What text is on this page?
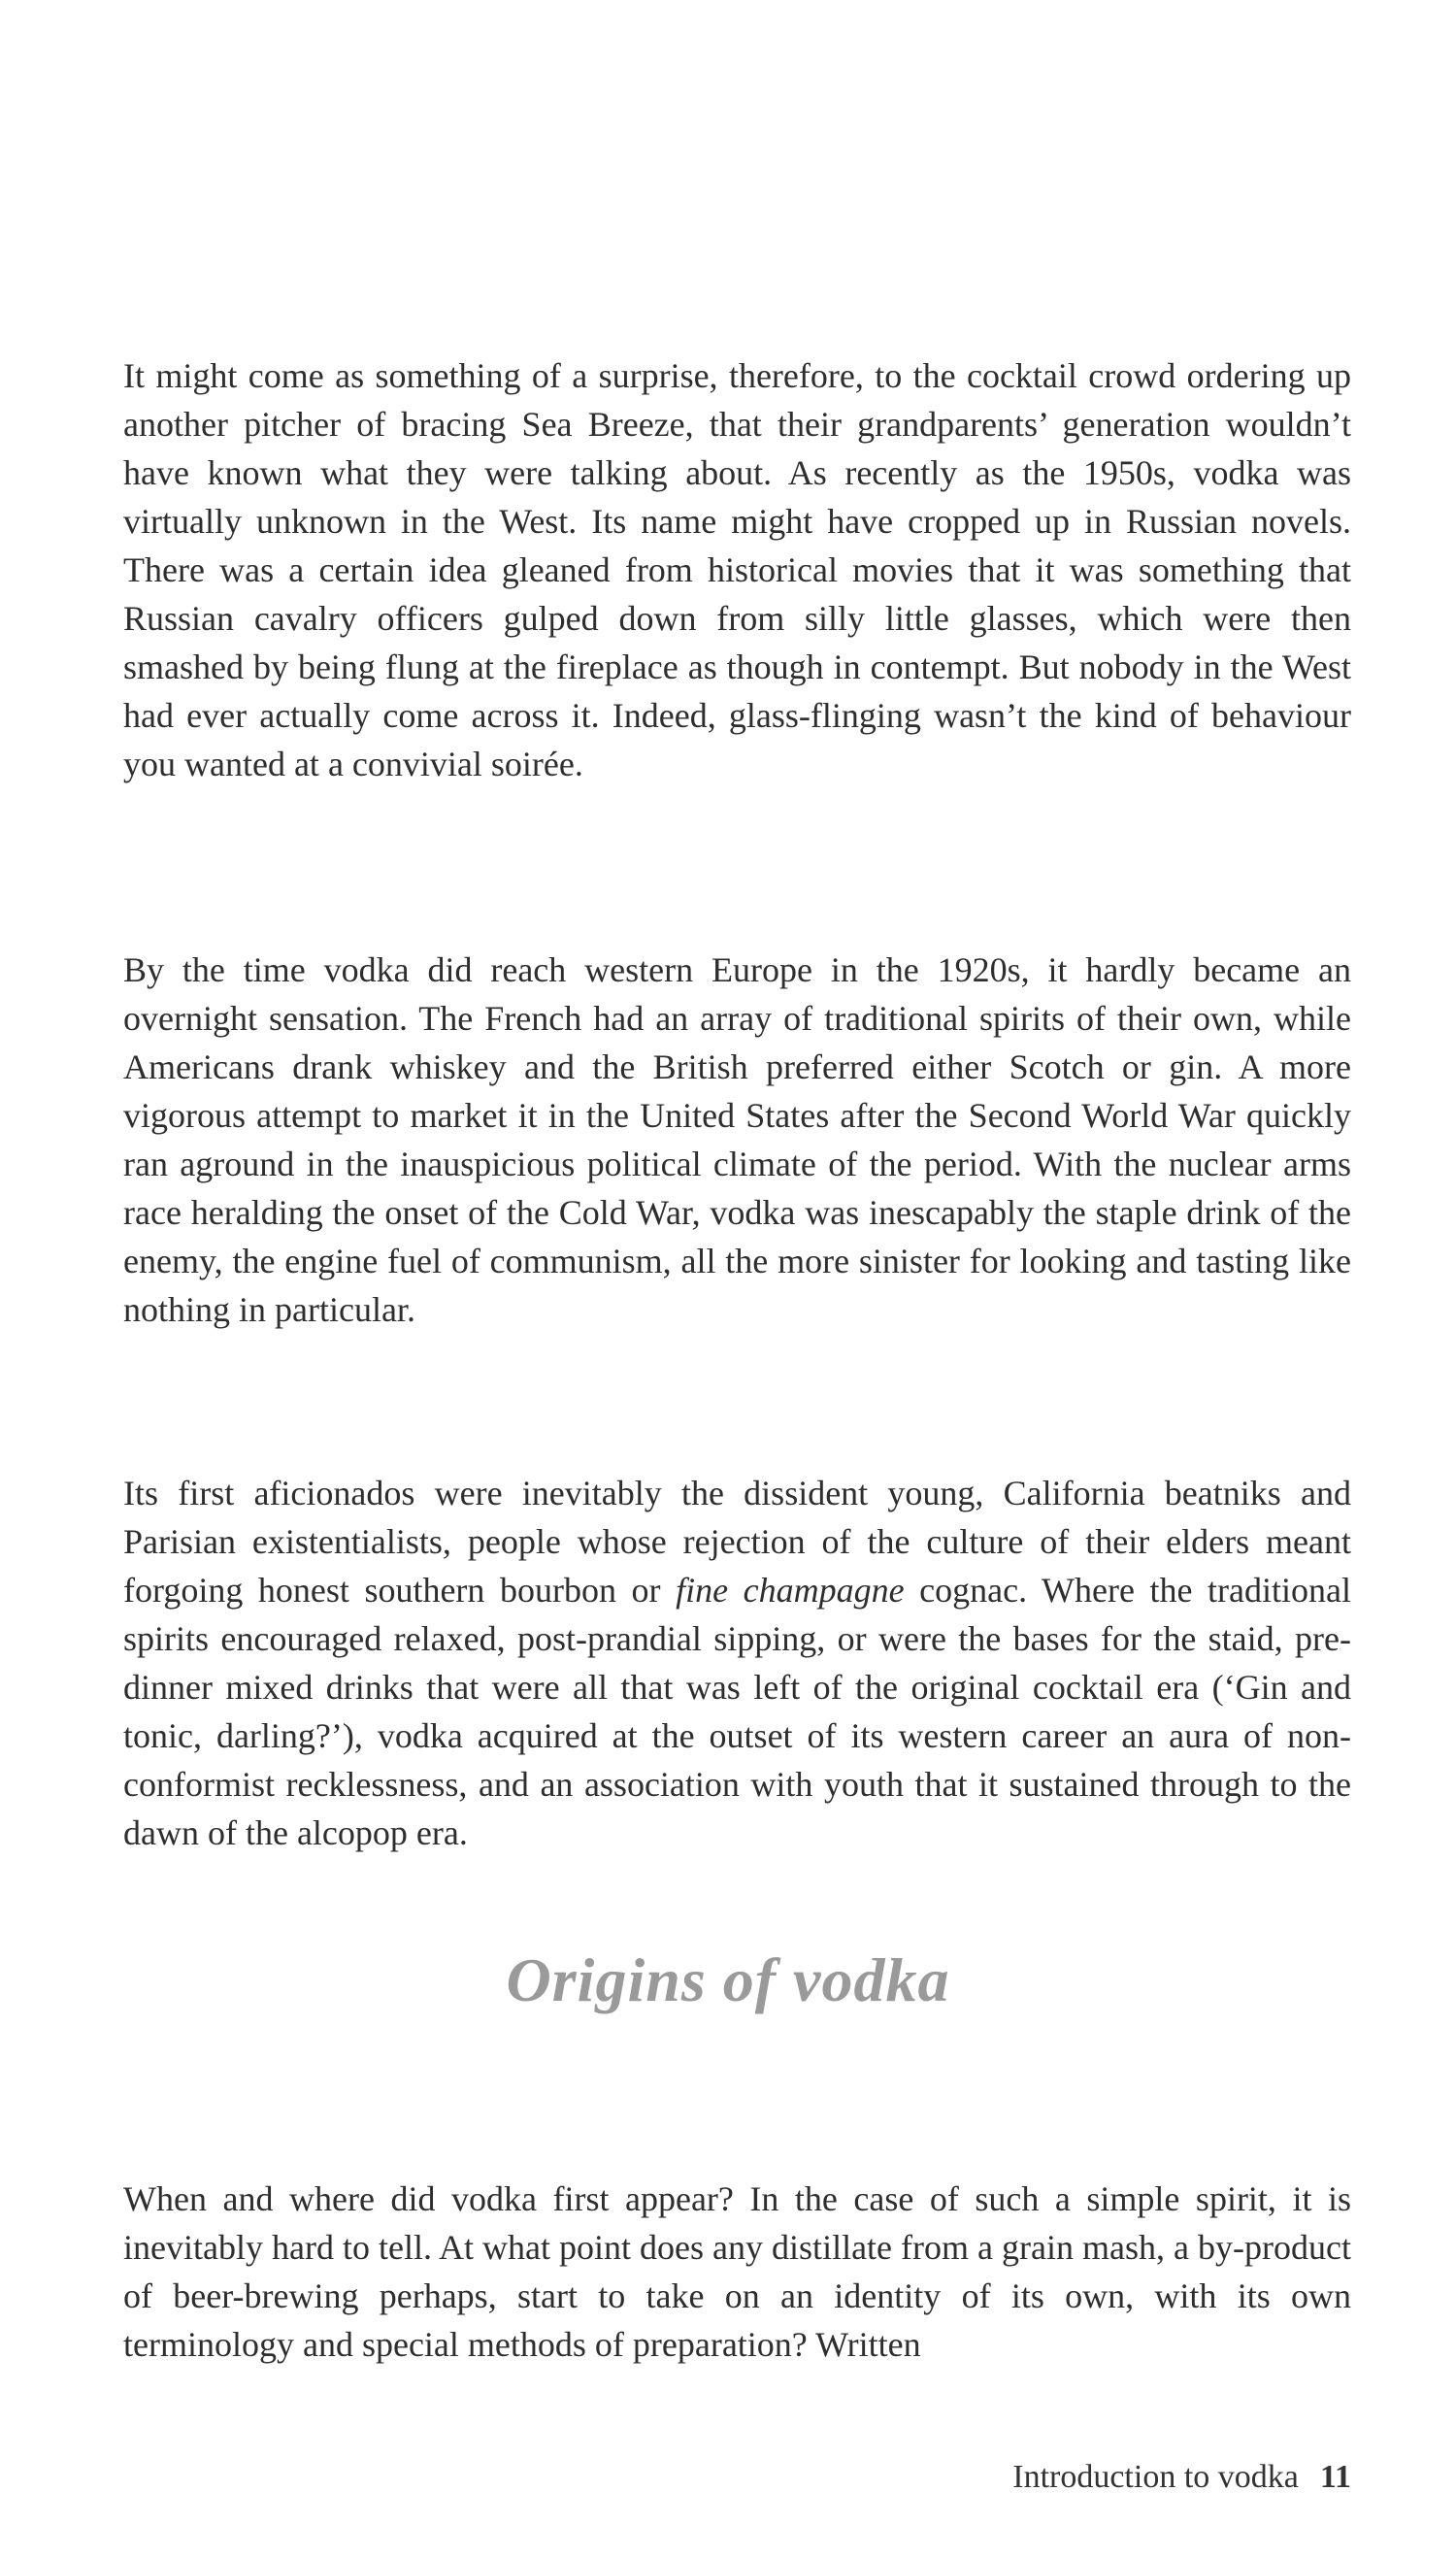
It might come as something of a surprise, therefore, to the cocktail crowd ordering up another pitcher of bracing Sea Breeze, that their grandparents’ generation wouldn’t have known what they were talking about. As recently as the 1950s, vodka was virtually unknown in the West. Its name might have cropped up in Russian novels. There was a certain idea gleaned from historical movies that it was something that Russian cavalry officers gulped down from silly little glasses, which were then smashed by being flung at the fireplace as though in contempt. But nobody in the West had ever actually come across it. Indeed, glass-flinging wasn’t the kind of behaviour you wanted at a convivial soirée.

By the time vodka did reach western Europe in the 1920s, it hardly became an overnight sensation. The French had an array of traditional spirits of their own, while Americans drank whiskey and the British preferred either Scotch or gin. A more vigorous attempt to market it in the United States after the Second World War quickly ran aground in the inauspicious political climate of the period. With the nuclear arms race heralding the onset of the Cold War, vodka was inescapably the staple drink of the enemy, the engine fuel of communism, all the more sinister for looking and tasting like nothing in particular.

Its first aficionados were inevitably the dissident young, California beatniks and Parisian existentialists, people whose rejection of the culture of their elders meant forgoing honest southern bourbon or fine champagne cognac. Where the traditional spirits encouraged relaxed, post-prandial sipping, or were the bases for the staid, pre-dinner mixed drinks that were all that was left of the original cocktail era (‘Gin and tonic, darling?’), vodka acquired at the outset of its western career an aura of non-conformist recklessness, and an association with youth that it sustained through to the dawn of the alcopop era.

Origins of vodka

When and where did vodka first appear? In the case of such a simple spirit, it is inevitably hard to tell. At what point does any distillate from a grain mash, a by-product of beer-brewing perhaps, start to take on an identity of its own, with its own terminology and special methods of preparation? Written

Introduction to vodka 11
